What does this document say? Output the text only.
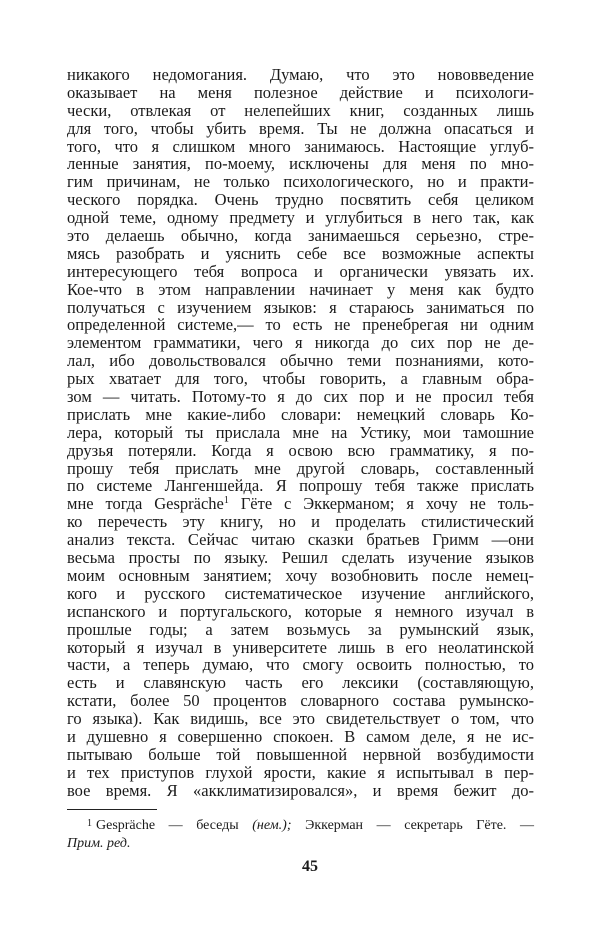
никакого недомогания. Думаю, что это нововведение
оказывает на меня полезное действие и психологи-
чески, отвлекая от нелепейших книг, созданных лишь
для того, чтобы убить время. Ты не должна опасаться и
того, что я слишком много занимаюсь. Настоящие углуб-
ленные занятия, по-моему, исключены для меня по мно-
гим причинам, не только психологического, но и практи-
ческого порядка. Очень трудно посвятить себя целиком
одной теме, одному предмету и углубиться в него так, как
это делаешь обычно, когда занимаешься серьезно, стре-
мясь разобрать и уяснить себе все возможные аспекты
интересующего тебя вопроса и органически увязать их.
Кое-что в этом направлении начинает у меня как будто
получаться с изучением языков: я стараюсь заниматься по
определенной системе,— то есть не пренебрегая ни одним
элементом грамматики, чего я никогда до сих пор не де-
лал, ибо довольствовался обычно теми познаниями, кото-
рых хватает для того, чтобы говорить, а главным обра-
зом — читать. Потому-то я до сих пор и не просил тебя
прислать мне какие-либо словари: немецкий словарь Ко-
лера, который ты прислала мне на Устику, мои тамошние
друзья потеряли. Когда я освою всю грамматику, я по-
прошу тебя прислать мне другой словарь, составленный
по системе Лангеншейда. Я попрошу тебя также прислать
мне тогда Gespräche$^1$ Гёте с Эккерманом; я хочу не толь-
ко перечесть эту книгу, но и проделать стилистический
анализ текста. Сейчас читаю сказки братьев Гримм —они
весьма просты по языку. Решил сделать изучение языков
моим основным занятием; хочу возобновить после немец-
кого и русского систематическое изучение английского,
испанского и португальского, которые я немного изучал в
прошлые годы; а затем возьмусь за румынский язык,
который я изучал в университете лишь в его неолатинской
части, а теперь думаю, что смогу освоить полностью, то
есть и славянскую часть его лексики (составляющую,
кстати, более 50 процентов словарного состава румынско-
го языка). Как видишь, все это свидетельствует о том, что
и душевно я совершенно спокоен. В самом деле, я не ис-
пытываю больше той повышенной нервной возбудимости
и тех приступов глухой ярости, какие я испытывал в пер-
вое время. Я «акклиматизировался», и время бежит до-
$^1$ Gespräche — беседы (нем.); Эккерман — секретарь Гёте. —
Прим. ред.
45
